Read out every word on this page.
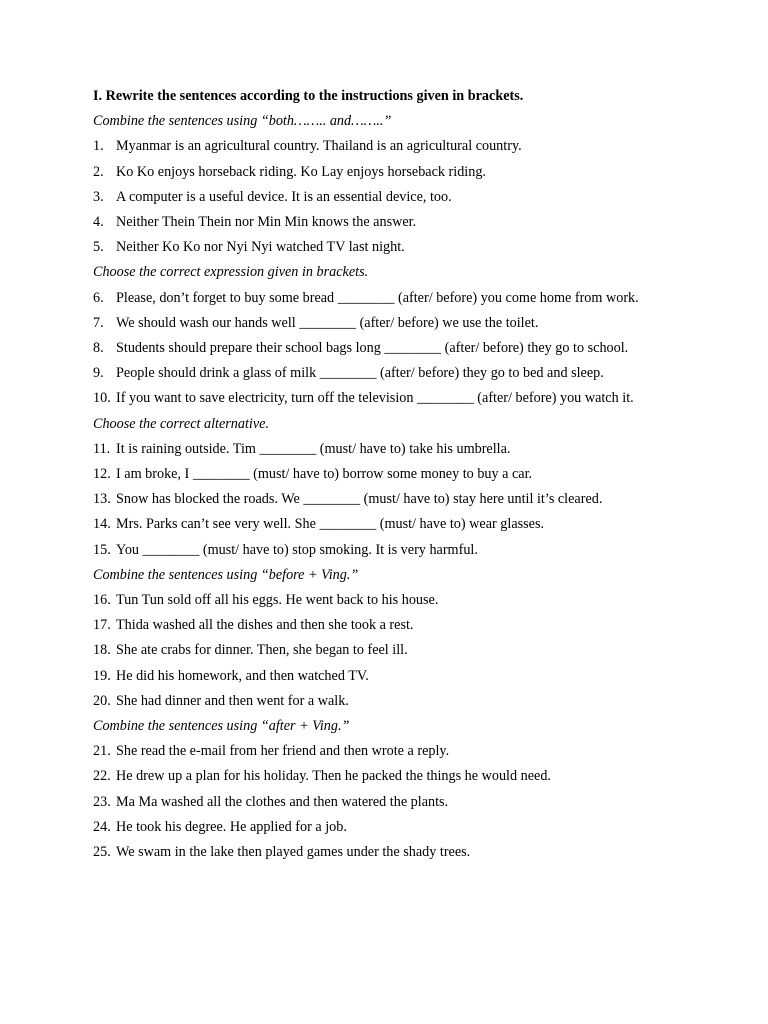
I. Rewrite the sentences according to the instructions given in brackets.

Combine the sentences using “both…….. and……..”

1. Myanmar is an agricultural country. Thailand is an agricultural country.
2. Ko Ko enjoys horseback riding. Ko Lay enjoys horseback riding.
3. A computer is a useful device. It is an essential device, too.
4. Neither Thein Thein nor Min Min knows the answer.
5. Neither Ko Ko nor Nyi Nyi watched TV last night.

Choose the correct expression given in brackets.

6. Please, don’t forget to buy some bread ________ (after/ before) you come home from work.
7. We should wash our hands well ________ (after/ before) we use the toilet.
8. Students should prepare their school bags long ________ (after/ before) they go to school.
9. People should drink a glass of milk ________ (after/ before) they go to bed and sleep.
10. If you want to save electricity, turn off the television ________ (after/ before) you watch it.

Choose the correct alternative.

11. It is raining outside. Tim ________ (must/ have to) take his umbrella.
12. I am broke, I ________ (must/ have to) borrow some money to buy a car.
13. Snow has blocked the roads. We ________ (must/ have to) stay here until it’s cleared.
14. Mrs. Parks can’t see very well. She ________ (must/ have to) wear glasses.
15. You ________ (must/ have to) stop smoking. It is very harmful.

Combine the sentences using “before + Ving.”

16. Tun Tun sold off all his eggs. He went back to his house.
17. Thida washed all the dishes and then she took a rest.
18. She ate crabs for dinner. Then, she began to feel ill.
19. He did his homework, and then watched TV.
20. She had dinner and then went for a walk.

Combine the sentences using “after + Ving.”

21. She read the e-mail from her friend and then wrote a reply.
22. He drew up a plan for his holiday. Then he packed the things he would need.
23. Ma Ma washed all the clothes and then watered the plants.
24. He took his degree. He applied for a job.
25. We swam in the lake then played games under the shady trees.
